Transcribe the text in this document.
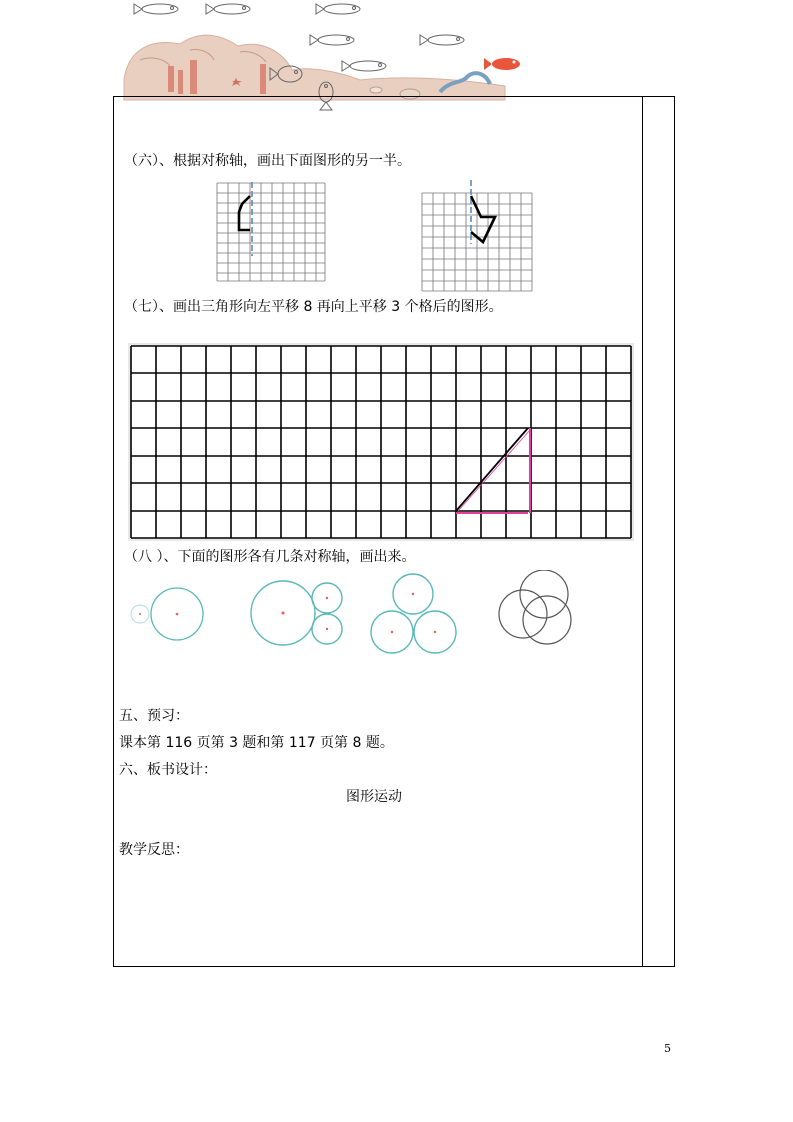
（六）、根据对称轴，画出下面图形的另一半。
（七）、画出三角形向左平移 8 再向上平移 3 个格后的图形。
（八 ）、下面的图形各有几条对称轴，画出来。
五、预习：
课本第 116 页第 3 题和第 117 页第 8 题。
六、板书设计：
图形运动
教学反思：
5
